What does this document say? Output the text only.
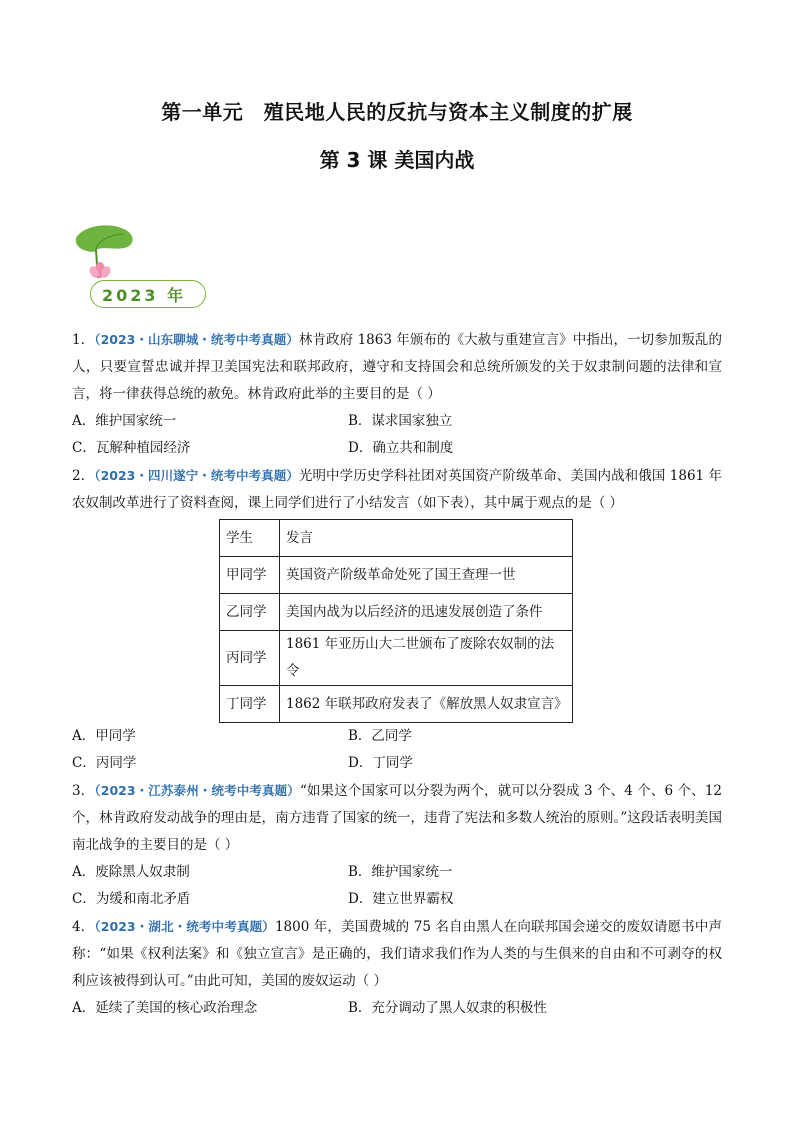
第一单元　殖民地人民的反抗与资本主义制度的扩展
第 3 课 美国内战
2023 年

1．（2023・山东聊城・统考中考真题）林肯政府 1863 年颁布的《大赦与重建宣言》中指出，一切参加叛乱的人，只要宣誓忠诚并捍卫美国宪法和联邦政府，遵守和支持国会和总统所颁发的关于奴隶制问题的法律和宣言，将一律获得总统的赦免。林肯政府此举的主要目的是（ ）

A．维护国家统一	B．谋求国家独立
C．瓦解种植园经济	D．确立共和制度

2．（2023・四川遂宁・统考中考真题）光明中学历史学科社团对英国资产阶级革命、美国内战和俄国 1861 年农奴制改革进行了资料查阅，课上同学们进行了小结发言（如下表），其中属于观点的是（ ）

学生	发言
甲同学	英国资产阶级革命处死了国王查理一世
乙同学	美国内战为以后经济的迅速发展创造了条件
丙同学	1861 年亚历山大二世颁布了废除农奴制的法令
丁同学	1862 年联邦政府发表了《解放黑人奴隶宣言》
A．甲同学	B．乙同学
C．丙同学	D．丁同学

3．（2023・江苏泰州・统考中考真题）“如果这个国家可以分裂为两个，就可以分裂成 3 个、4 个、6 个、12 个，林肯政府发动战争的理由是，南方违背了国家的统一，违背了宪法和多数人统治的原则。”这段话表明美国南北战争的主要目的是（ ）

A．废除黑人奴隶制	B．维护国家统一
C．为缓和南北矛盾	D．建立世界霸权

4．（2023・湖北・统考中考真题）1800 年，美国费城的 75 名自由黑人在向联邦国会递交的废奴请愿书中声称：“如果《权利法案》和《独立宣言》是正确的，我们请求我们作为人类的与生俱来的自由和不可剥夺的权利应该被得到认可。”由此可知，美国的废奴运动（ ）

A．延续了美国的核心政治理念	B．充分调动了黑人奴隶的积极性
